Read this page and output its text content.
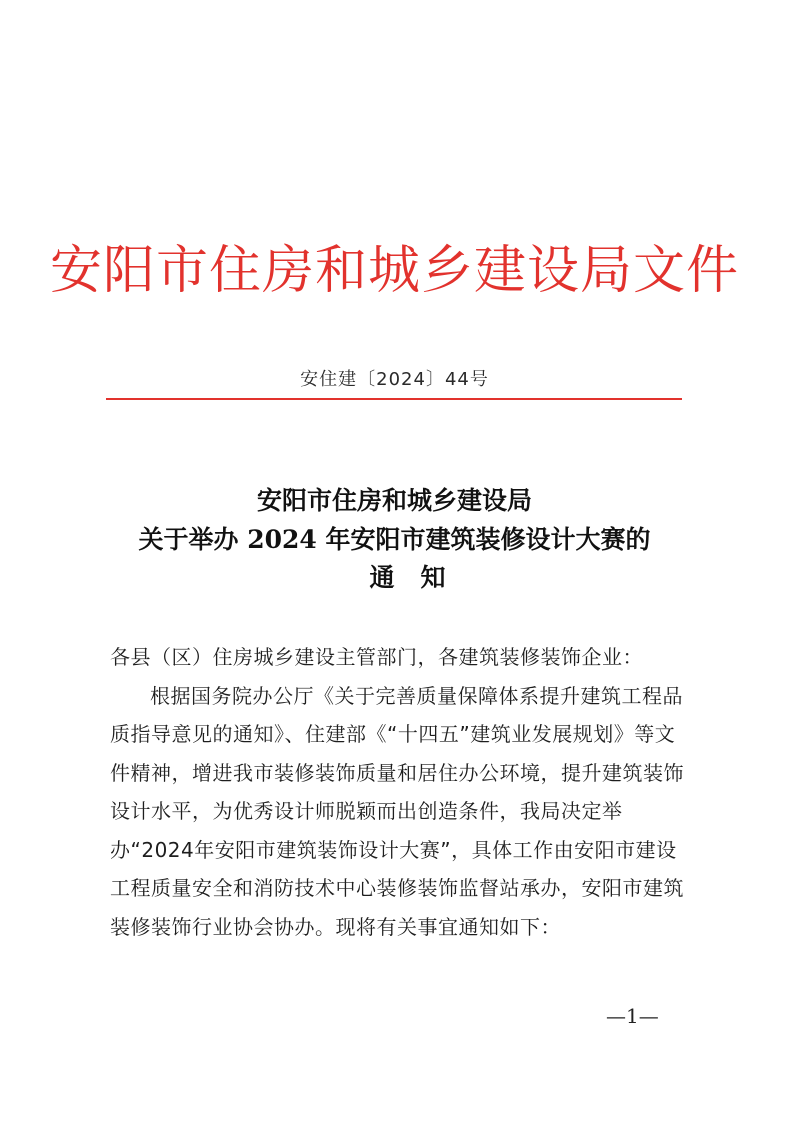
安阳市住房和城乡建设局文件
安住建〔2024〕44号
安阳市住房和城乡建设局
关于举办 2024 年安阳市建筑装修设计大赛的
通知

各县（区）住房城乡建设主管部门，各建筑装修装饰企业：

根据国务院办公厅《关于完善质量保障体系提升建筑工程品质指导意见的通知》、住建部《“十四五”建筑业发展规划》等文件精神，增进我市装修装饰质量和居住办公环境，提升建筑装饰设计水平，为优秀设计师脱颖而出创造条件，我局决定举办“2024年安阳市建筑装饰设计大赛”，具体工作由安阳市建设工程质量安全和消防技术中心装修装饰监督站承办，安阳市建筑装修装饰行业协会协办。现将有关事宜通知如下：

—1—
